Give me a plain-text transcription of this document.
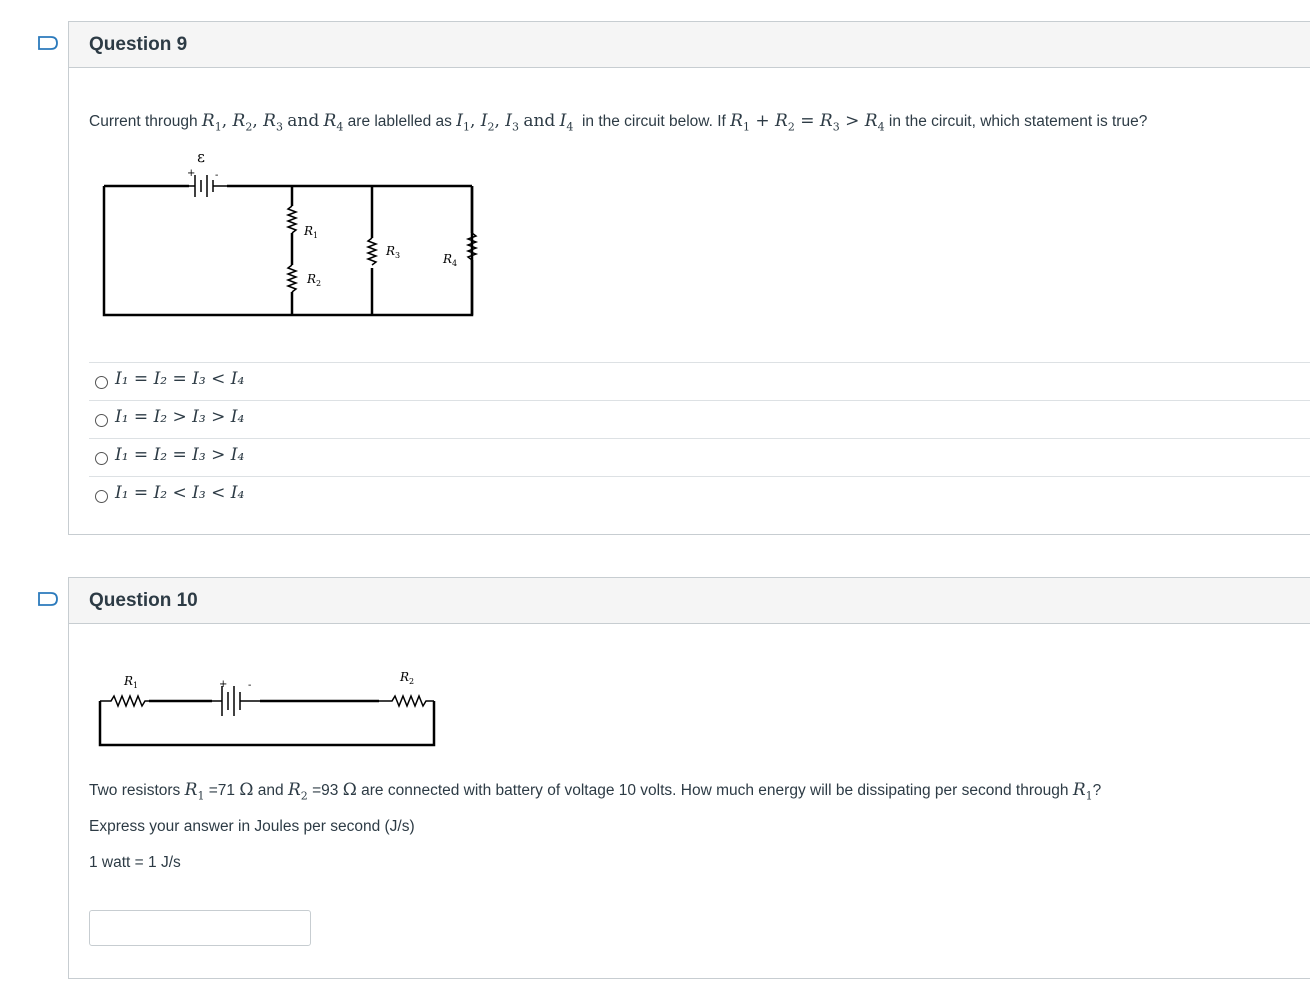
Question 9
Current through $R_1$, $R_2$, $R_3$ and $R_4$ are lablelled as $I_1$, $I_2$, $I_3$ and $I_4$ in the circuit below. If $R_1 + R_2 = R_3 > R_4$ in the circuit, which statement is true?
ε
+ -
$R_1$
$R_2$
$R_3$	$R_4$
I₁ = I₂ = I₃ < I₄
I₁ = I₂ > I₃ > I₄
I₁ = I₂ = I₃ > I₄
I₁ = I₂ < I₃ < I₄
Question 10
$R_1$
$R_2$
+ -
Two resistors $R_1 =71$ Ω and $R_2 =93$ Ω are connected with battery of voltage 10 volts. How much energy will be dissipating per second through $R_1$?
Express your answer in Joules per second (J/s)
1 watt = 1 J/s
